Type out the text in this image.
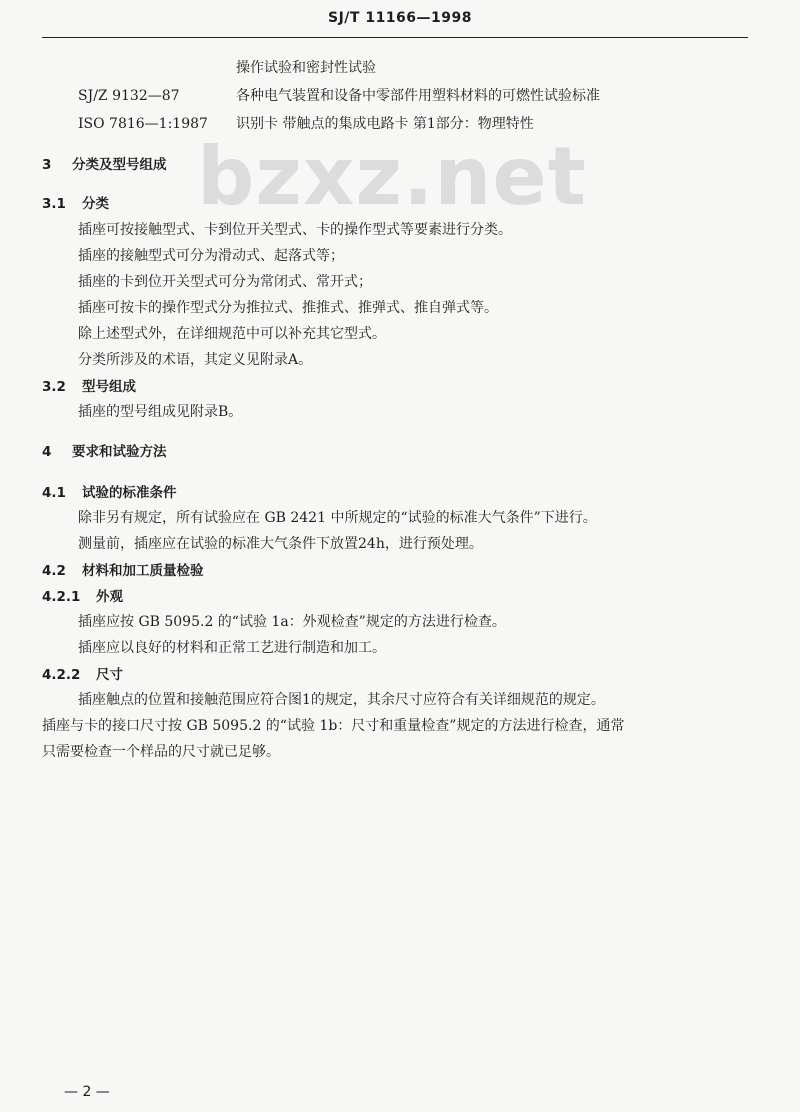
SJ/T 11166—1998
操作试验和密封性试验
SJ/Z 9132—87	各种电气装置和设备中零部件用塑料材料的可燃性试验标准
ISO 7816—1:1987	识别卡 带触点的集成电路卡 第1部分：物理特性
bzxz.net
3 分类及型号组成
3.1 分类
插座可按接触型式、卡到位开关型式、卡的操作型式等要素进行分类。
插座的接触型式可分为滑动式、起落式等；
插座的卡到位开关型式可分为常闭式、常开式；
插座可按卡的操作型式分为推拉式、推推式、推弹式、推自弹式等。
除上述型式外，在详细规范中可以补充其它型式。
分类所涉及的术语，其定义见附录A。
3.2 型号组成
插座的型号组成见附录B。
4 要求和试验方法
4.1 试验的标准条件
除非另有规定，所有试验应在 GB 2421 中所规定的“试验的标准大气条件”下进行。
测量前，插座应在试验的标准大气条件下放置24h，进行预处理。
4.2 材料和加工质量检验
4.2.1 外观
插座应按 GB 5095.2 的“试验 1a：外观检查”规定的方法进行检查。
插座应以良好的材料和正常工艺进行制造和加工。
4.2.2 尺寸
插座触点的位置和接触范围应符合图1的规定，其余尺寸应符合有关详细规范的规定。
插座与卡的接口尺寸按 GB 5095.2 的“试验 1b：尺寸和重量检查”规定的方法进行检查，通常
只需要检查一个样品的尺寸就已足够。
— 2 —
